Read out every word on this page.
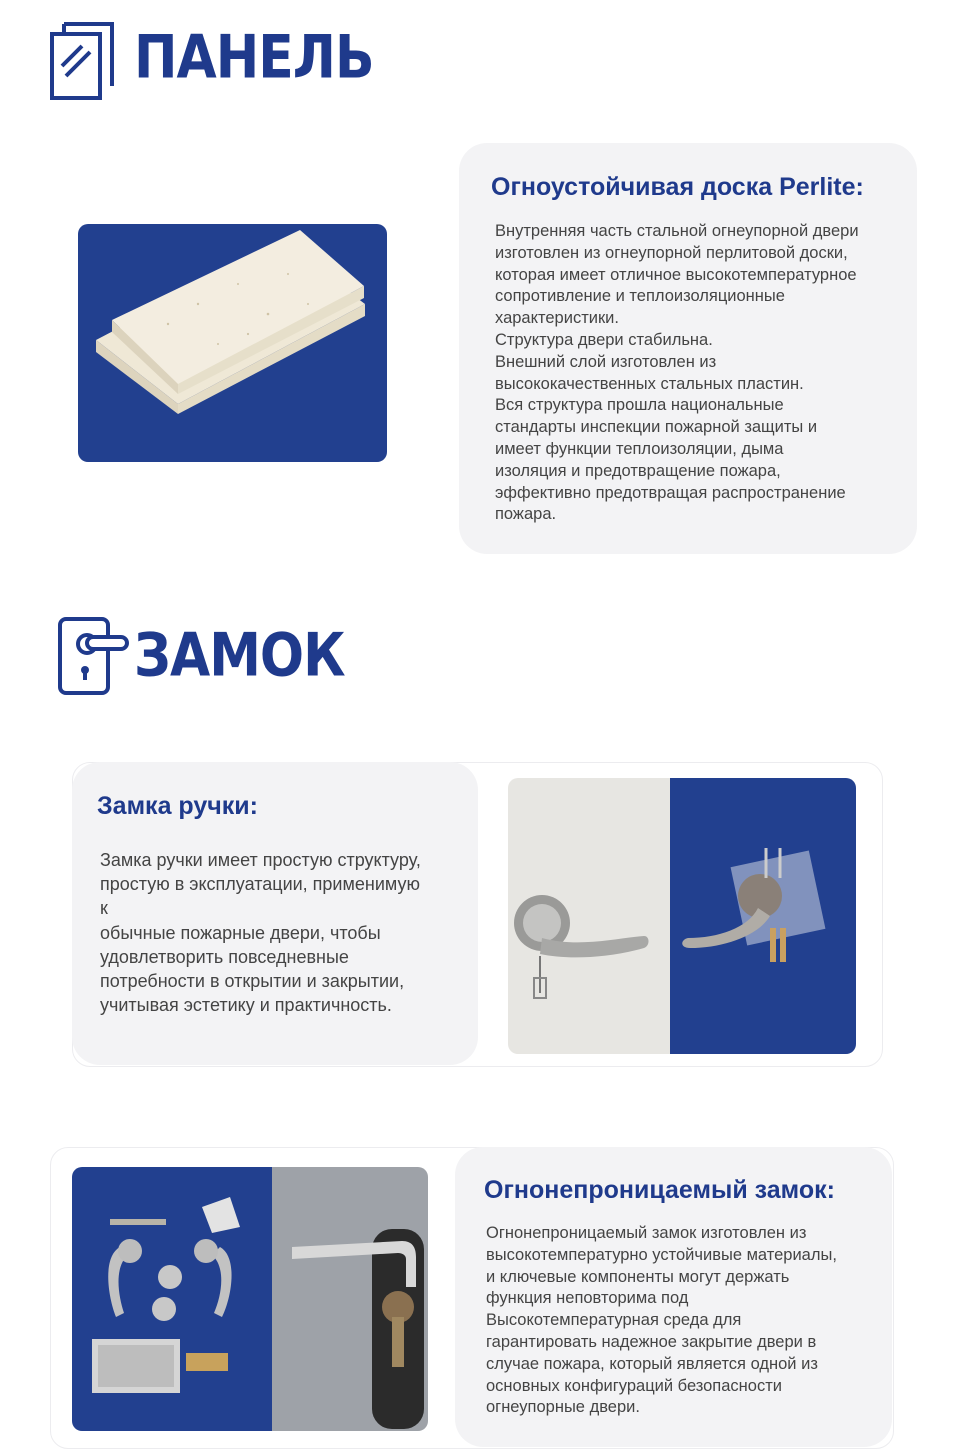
ПАНЕЛЬ
Огноустойчивая доска Perlite:
Внутренняя часть стальной огнеупорной двери
изготовлен из огнеупорной перлитовой доски,
которая имеет отличное высокотемпературное
сопротивление и теплоизоляционные
характеристики.
Структура двери стабильна.
Внешний слой изготовлен из
высококачественных стальных пластин.
Вся структура прошла национальные
стандарты инспекции пожарной защиты и
имеет функции теплоизоляции, дыма
изоляция и предотвращение пожара,
эффективно предотвращая распространение
пожара.
ЗАМОК
Замка ручки:
Замка ручки имеет простую структуру,
простую в эксплуатации, применимую
к
обычные пожарные двери, чтобы
удовлетворить повседневные
потребности в открытии и закрытии,
учитывая эстетику и практичность.
Огнонепроницаемый замок:
Огнонепроницаемый замок изготовлен из
высокотемпературно устойчивые материалы,
и ключевые компоненты могут держать
функция неповторима под
Высокотемпературная среда для
гарантировать надежное закрытие двери в
случае пожара, который является одной из
основных конфигураций безопасности
огнеупорные двери.
